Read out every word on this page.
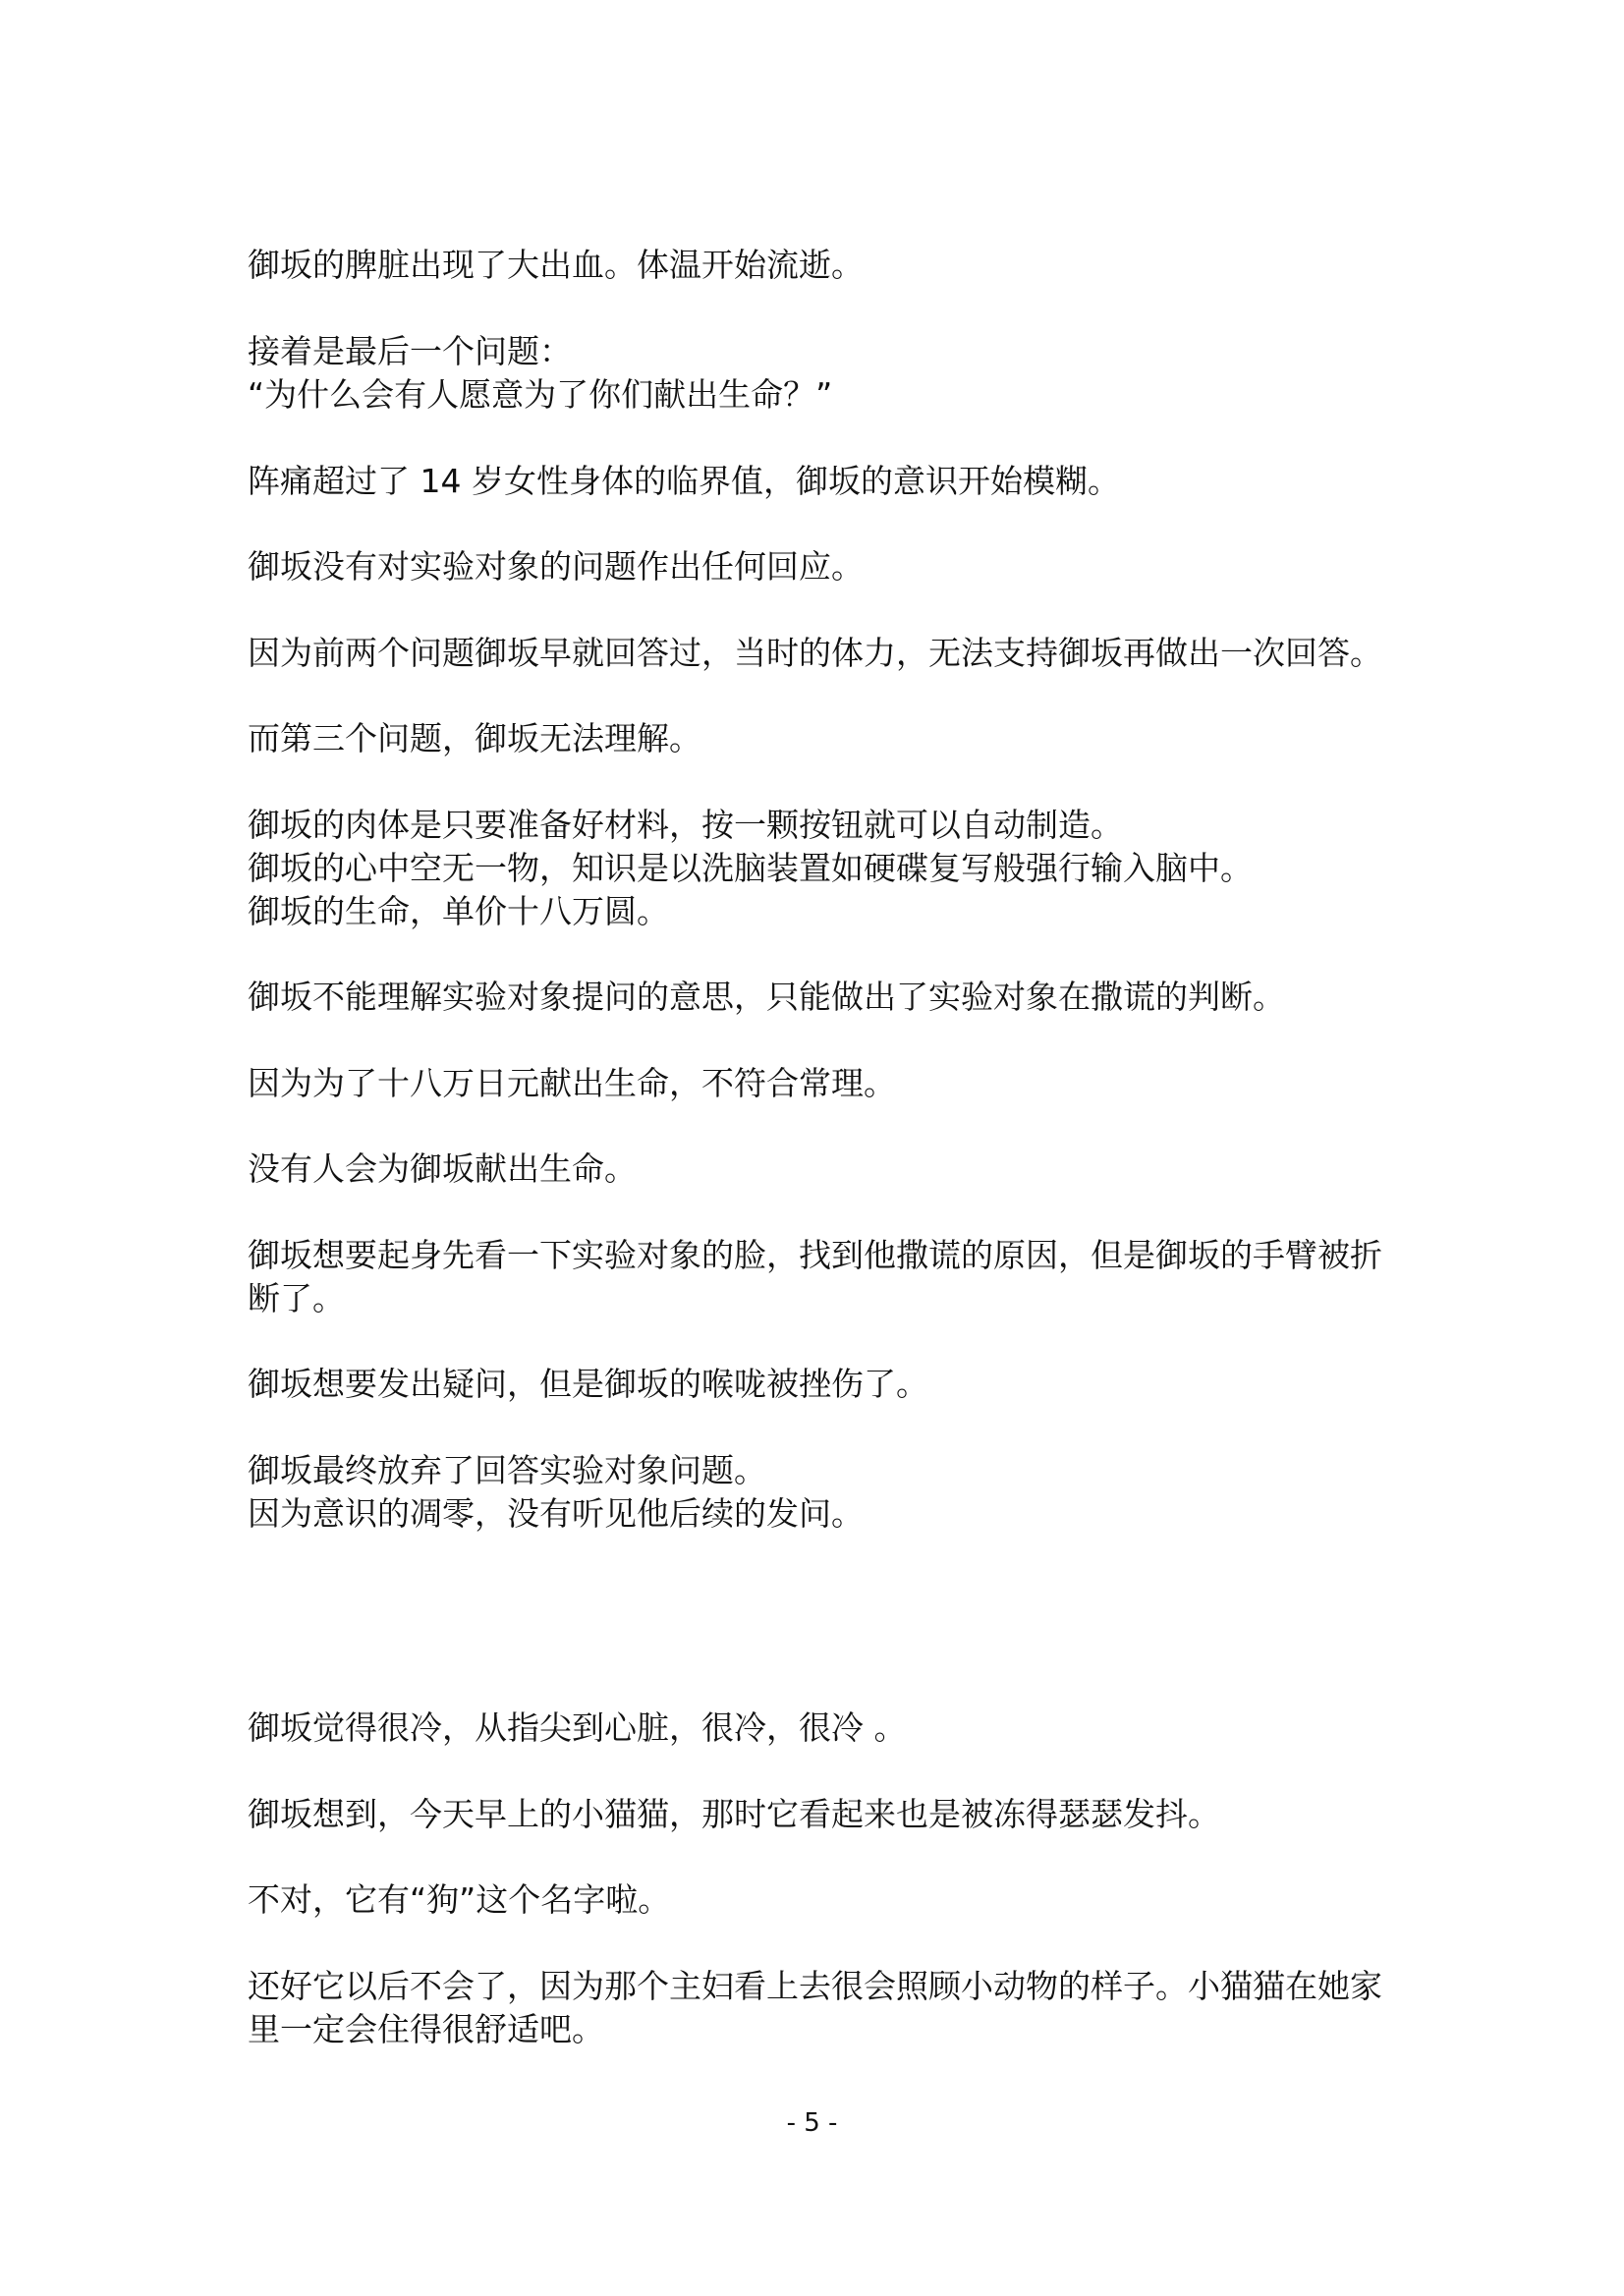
御坂的脾脏出现了大出血。体温开始流逝。

接着是最后一个问题：
“为什么会有人愿意为了你们献出生命？”

阵痛超过了 14 岁女性身体的临界值，御坂的意识开始模糊。

御坂没有对实验对象的问题作出任何回应。

因为前两个问题御坂早就回答过，当时的体力，无法支持御坂再做出一次回答。

而第三个问题，御坂无法理解。

御坂的肉体是只要准备好材料，按一颗按钮就可以自动制造。
御坂的心中空无一物，知识是以洗脑装置如硬碟复写般强行输入脑中。
御坂的生命，单价十八万圆。

御坂不能理解实验对象提问的意思，只能做出了实验对象在撒谎的判断。

因为为了十八万日元献出生命，不符合常理。

没有人会为御坂献出生命。

御坂想要起身先看一下实验对象的脸，找到他撒谎的原因，但是御坂的手臂被折
断了。

御坂想要发出疑问，但是御坂的喉咙被挫伤了。

御坂最终放弃了回答实验对象问题。
因为意识的凋零，没有听见他后续的发问。

御坂觉得很冷，从指尖到心脏，很冷，很冷 。

御坂想到，今天早上的小猫猫，那时它看起来也是被冻得瑟瑟发抖。

不对，它有“狗”这个名字啦。

还好它以后不会了，因为那个主妇看上去很会照顾小动物的样子。小猫猫在她家
里一定会住得很舒适吧。

- 5 -
